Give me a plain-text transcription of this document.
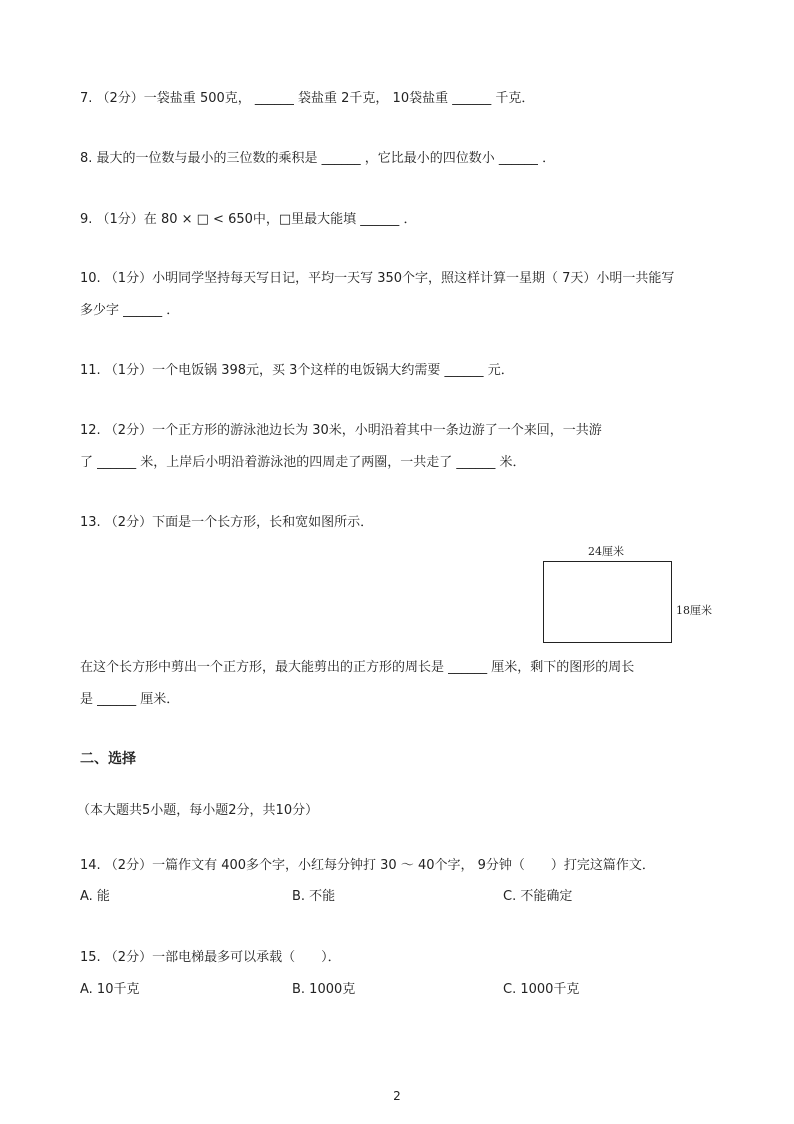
7. （2分）一袋盐重 500克， ______ 袋盐重 2千克， 10袋盐重 ______ 千克．
8. 最大的一位数与最小的三位数的乘积是 ______ ，它比最小的四位数小 ______ ．
9. （1分）在 80 × □ < 650中，□里最大能填 ______ ．
10. （1分）小明同学坚持每天写日记，平均一天写 350个字，照这样计算一星期（ 7天）小明一共能写
多少字 ______ ．
11. （1分）一个电饭锅 398元，买 3个这样的电饭锅大约需要 ______ 元．
12. （2分）一个正方形的游泳池边长为 30米，小明沿着其中一条边游了一个来回，一共游
了 ______ 米，上岸后小明沿着游泳池的四周走了两圈，一共走了 ______ 米．
13. （2分）下面是一个长方形，长和宽如图所示．
24厘米
18厘米
在这个长方形中剪出一个正方形，最大能剪出的正方形的周长是 ______ 厘米，剩下的图形的周长
是 ______ 厘米．
二、选择
（本大题共5小题，每小题2分，共10分）
14. （2分）一篇作文有 400多个字，小红每分钟打 30 ～ 40个字， 9分钟（　　）打完这篇作文．
A. 能	B. 不能	C. 不能确定
15. （2分）一部电梯最多可以承载（　　）．
A. 10千克	B. 1000克	C. 1000千克
2
